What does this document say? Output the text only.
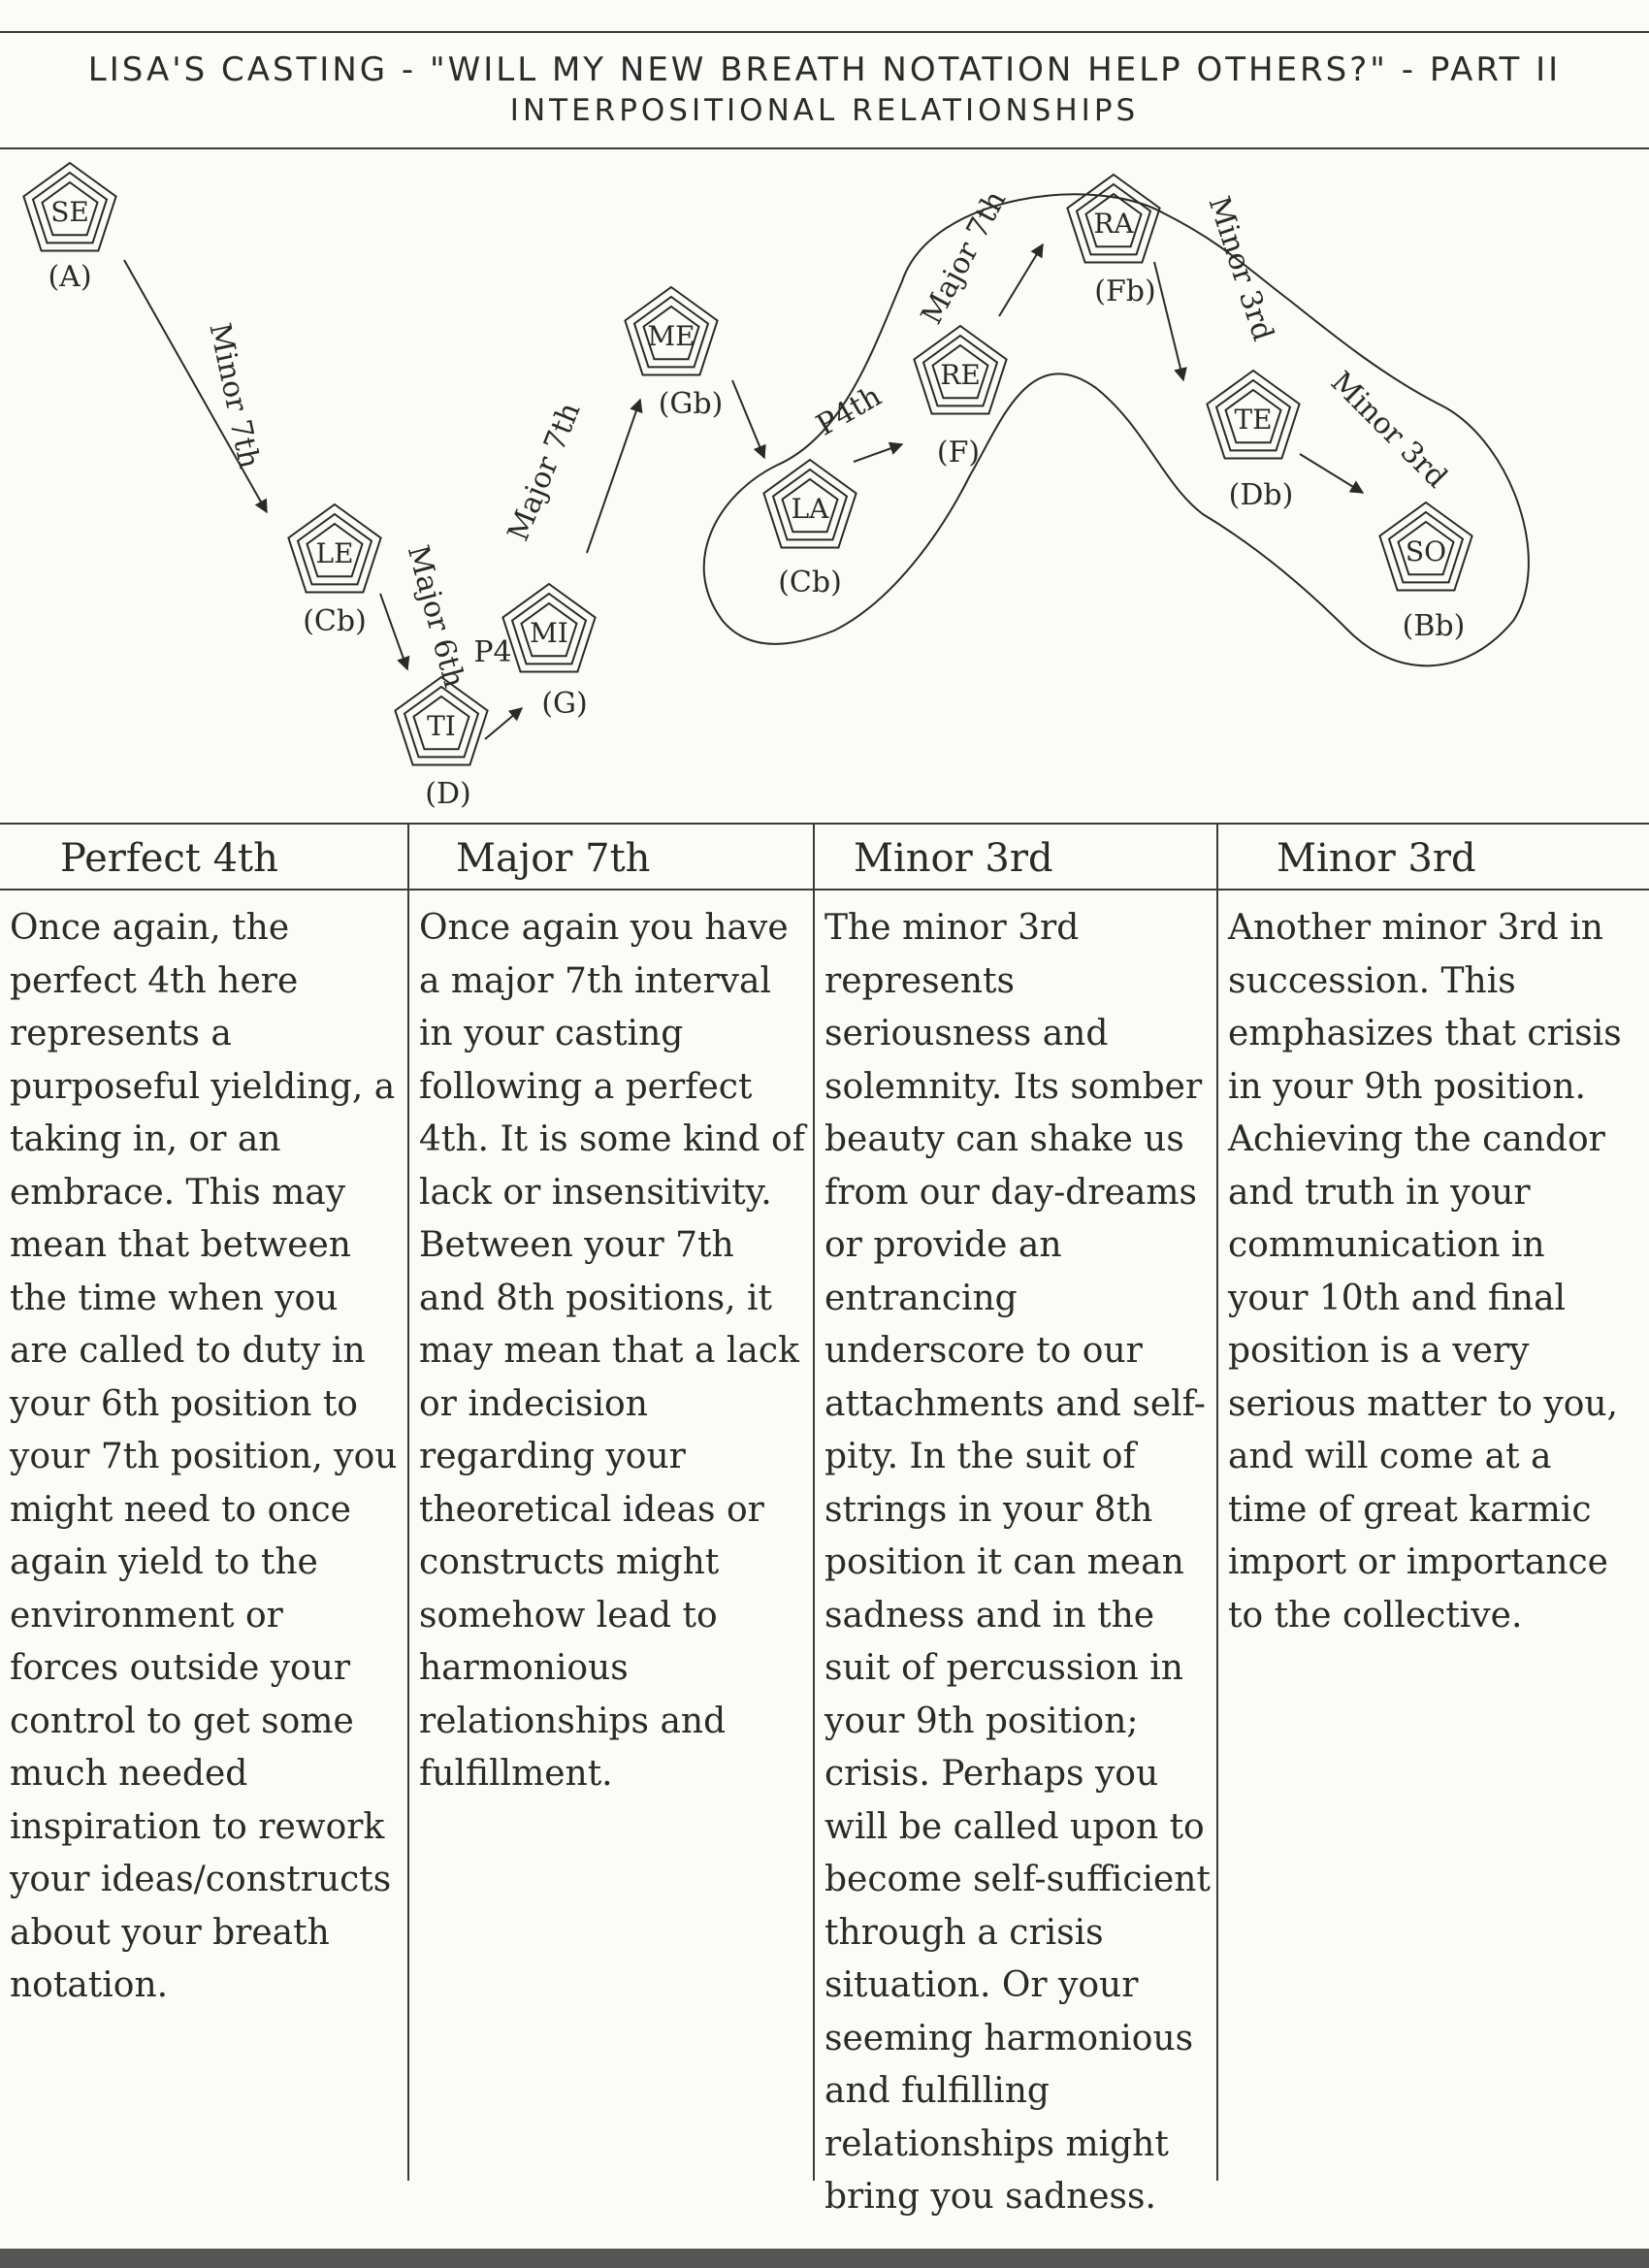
LISA'S CASTING - "WILL MY NEW BREATH NOTATION HELP OTHERS?" - PART II
INTERPOSITIONAL RELATIONSHIPS
SE
(A)
LE
(Cb)
TI
(D)
MI
(G)
ME
(Gb)
LA
(Cb)
RE
(F)
RA
(Fb)
TE
(Db)
SO
(Bb)
Minor 7th
Major 6th P4
Major 7th	P4th
Major 7th	Minor 3rd
Minor 3rd
Perfect 4th
Once again, the perfect 4th here represents a purposeful yielding, a taking in, or an embrace. This may mean that between the time when you are called to duty in your 6th position to your 7th position, you might need to once again yield to the environment or forces outside your control to get some much needed inspiration to rework your ideas/constructs about your breath notation.
Major 7th
Once again you have a major 7th interval in your casting following a perfect 4th. It is some kind of lack or insensitivity. Between your 7th and 8th positions, it may mean that a lack or indecision regarding your theoretical ideas or constructs might somehow lead to harmonious relationships and fulfillment.
Minor 3rd
The minor 3rd represents seriousness and solemnity. Its somber beauty can shake us from our day-dreams or provide an entrancing underscore to our attachments and self-pity. In the suit of strings in your 8th position it can mean sadness and in the suit of percussion in your 9th position; crisis. Perhaps you will be called upon to become self-sufficient through a crisis situation. Or your seeming harmonious and fulfilling relationships might bring you sadness.
Minor 3rd
Another minor 3rd in succession. This emphasizes that crisis in your 9th position. Achieving the candor and truth in your communication in your 10th and final position is a very serious matter to you, and will come at a time of great karmic import or importance to the collective.
